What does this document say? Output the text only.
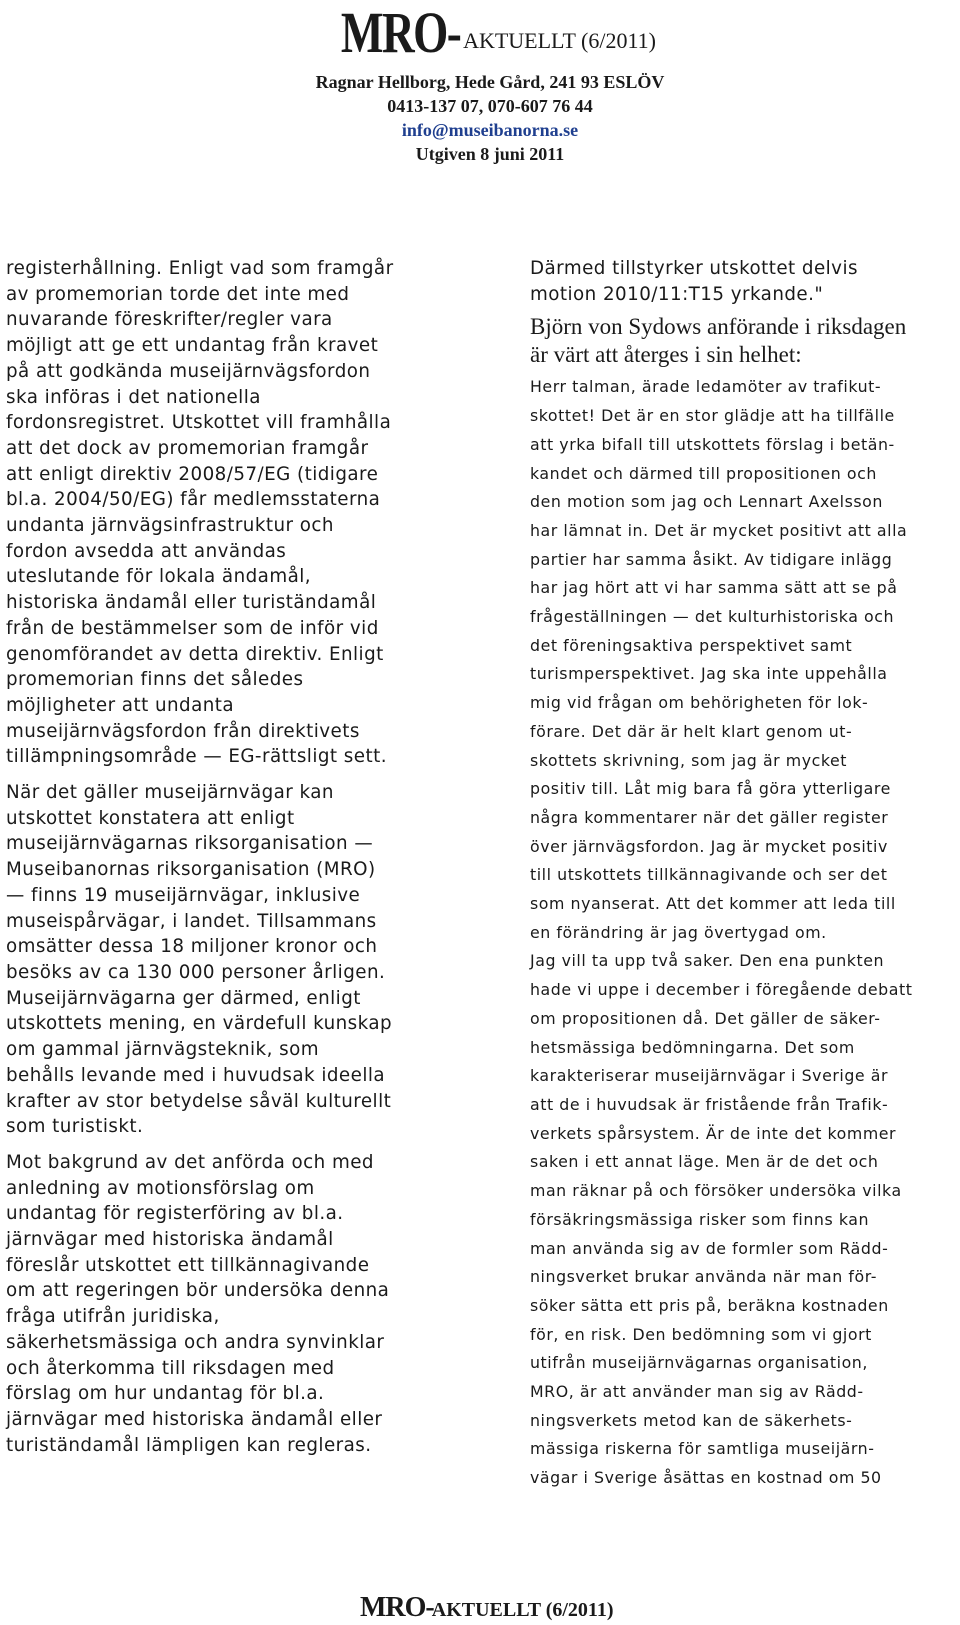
MRO- AKTUELLT (6/2011)
Ragnar Hellborg, Hede Gård, 241 93 ESLÖV
0413-137 07, 070-607 76 44
info@museibanorna.se
Utgiven 8 juni 2011

registerhållning. Enligt vad som framgår
av promemorian torde det inte med
nuvarande föreskrifter/regler vara
möjligt att ge ett undantag från kravet
på att godkända museijärnvägsfordon
ska införas i det nationella
fordonsregistret. Utskottet vill framhålla
att det dock av promemorian framgår
att enligt direktiv 2008/57/EG (tidigare
bl.a. 2004/50/EG) får medlemsstaterna
undanta järnvägsinfrastruktur och
fordon avsedda att användas
uteslutande för lokala ändamål,
historiska ändamål eller turiständamål
från de bestämmelser som de inför vid
genomförandet av detta direktiv. Enligt
promemorian finns det således
möjligheter att undanta
museijärnvägsfordon från direktivets
tillämpningsområde — EG-rättsligt sett.

När det gäller museijärnvägar kan
utskottet konstatera att enligt
museijärnvägarnas riksorganisation —
Museibanornas riksorganisation (MRO)
— finns 19 museijärnvägar, inklusive
museispårvägar, i landet. Tillsammans
omsätter dessa 18 miljoner kronor och
besöks av ca 130 000 personer årligen.
Museijärnvägarna ger därmed, enligt
utskottets mening, en värdefull kunskap
om gammal järnvägsteknik, som
behålls levande med i huvudsak ideella
krafter av stor betydelse såväl kulturellt
som turistiskt.

Mot bakgrund av det anförda och med
anledning av motionsförslag om
undantag för registerföring av bl.a.
järnvägar med historiska ändamål
föreslår utskottet ett tillkännagivande
om att regeringen bör undersöka denna
fråga utifrån juridiska,
säkerhetsmässiga och andra synvinklar
och återkomma till riksdagen med
förslag om hur undantag för bl.a.
järnvägar med historiska ändamål eller
turiständamål lämpligen kan regleras.

Därmed tillstyrker utskottet delvis
motion 2010/11:T15 yrkande."

Björn von Sydows anförande i riksdagen
är värt att återges i sin helhet:

Herr talman, ärade ledamöter av trafikut-
skottet! Det är en stor glädje att ha tillfälle
att yrka bifall till utskottets förslag i betän-
kandet och därmed till propositionen och
den motion som jag och Lennart Axelsson
har lämnat in. Det är mycket positivt att alla
partier har samma åsikt. Av tidigare inlägg
har jag hört att vi har samma sätt att se på
frågeställningen — det kulturhistoriska och
det föreningsaktiva perspektivet samt
turismperspektivet. Jag ska inte uppehålla
mig vid frågan om behörigheten för lok-
förare. Det där är helt klart genom ut-
skottets skrivning, som jag är mycket
positiv till. Låt mig bara få göra ytterligare
några kommentarer när det gäller register
över järnvägsfordon. Jag är mycket positiv
till utskottets tillkännagivande och ser det
som nyanserat. Att det kommer att leda till
en förändring är jag övertygad om.

Jag vill ta upp två saker. Den ena punkten
hade vi uppe i december i föregående debatt
om propositionen då. Det gäller de säker-
hetsmässiga bedömningarna. Det som
karakteriserar museijärnvägar i Sverige är
att de i huvudsak är fristående från Trafik-
verkets spårsystem. Är de inte det kommer
saken i ett annat läge. Men är de det och
man räknar på och försöker undersöka vilka
försäkringsmässiga risker som finns kan
man använda sig av de formler som Rädd-
ningsverket brukar använda när man för-
söker sätta ett pris på, beräkna kostnaden
för, en risk. Den bedömning som vi gjort
utifrån museijärnvägarnas organisation,
MRO, är att använder man sig av Rädd-
ningsverkets metod kan de säkerhets-
mässiga riskerna för samtliga museijärn-
vägar i Sverige åsättas en kostnad om 50

MRO-AKTUELLT (6/2011)
